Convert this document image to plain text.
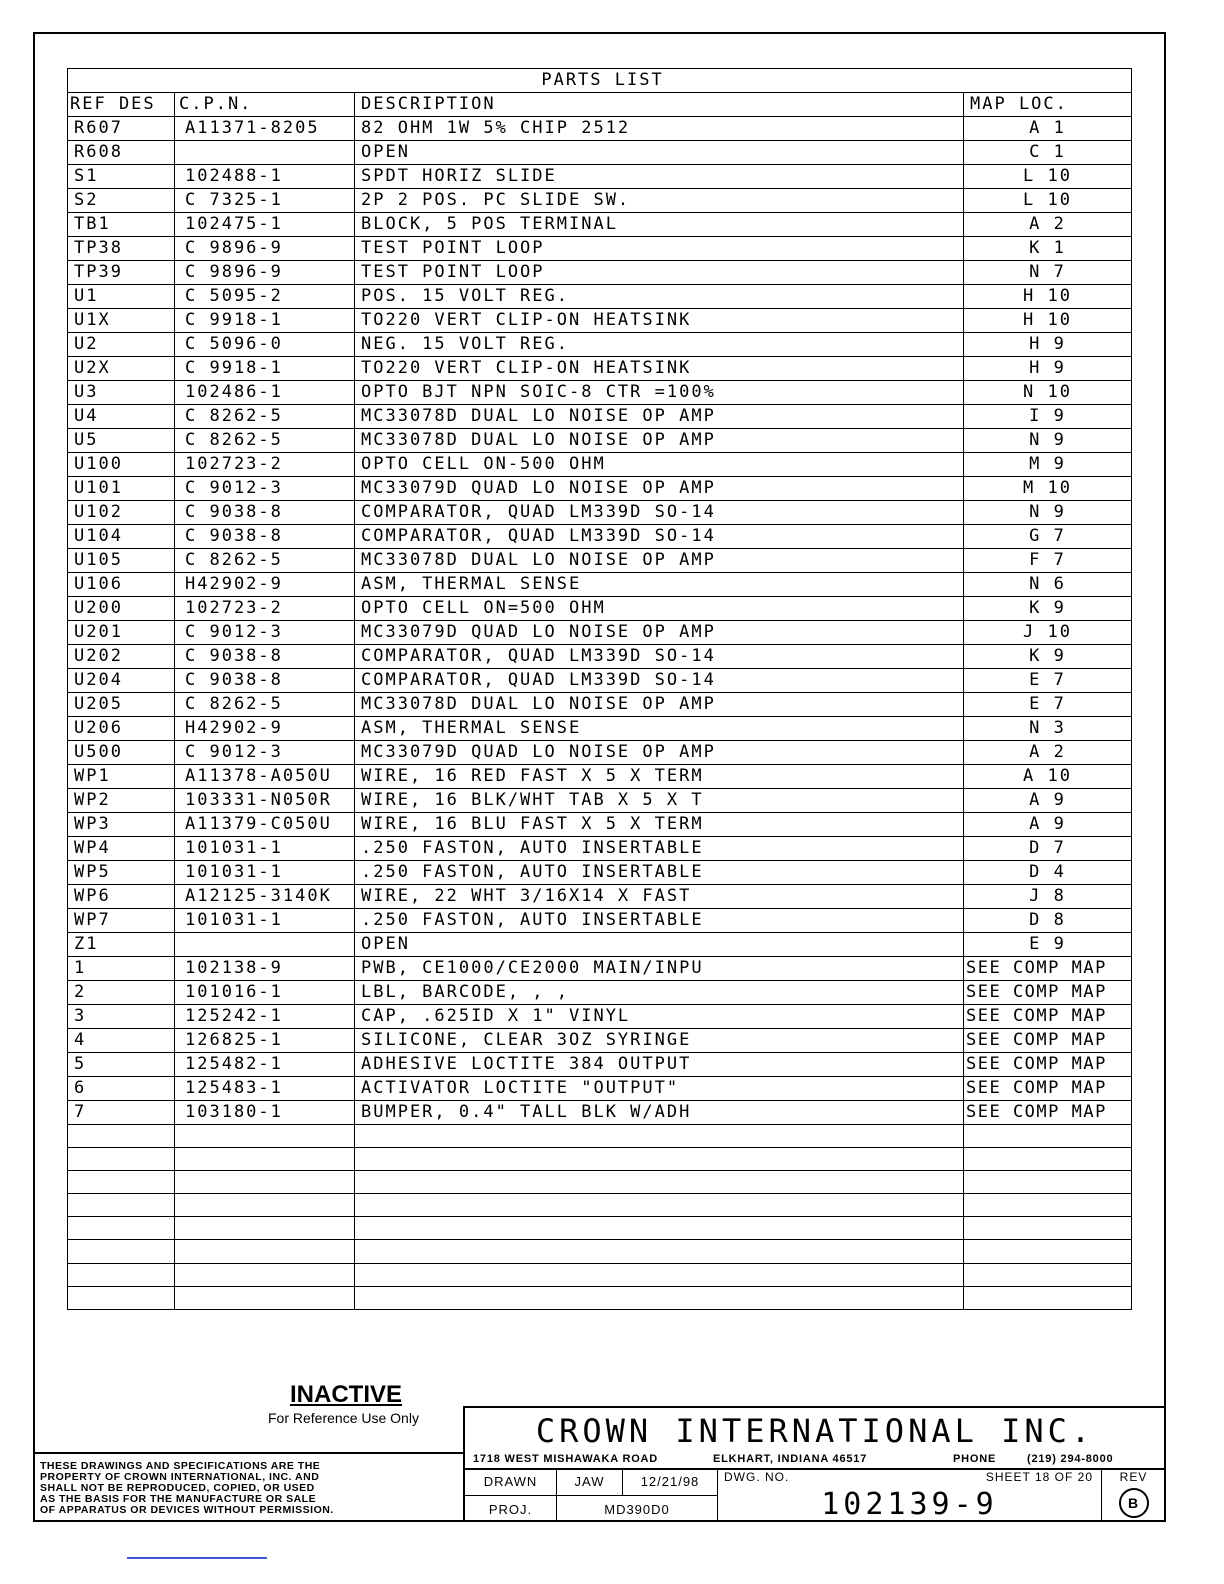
PARTS LIST			
REF DES	C.P.N.	DESCRIPTION	MAP LOC.
R607	A11371-8205	82 OHM 1W 5% CHIP 2512	A 1
R608		OPEN	C 1
S1	102488-1	SPDT HORIZ SLIDE	L 10
S2	C 7325-1	2P 2 POS. PC SLIDE SW.	L 10
TB1	102475-1	BLOCK, 5 POS TERMINAL	A 2
TP38	C 9896-9	TEST POINT LOOP	K 1
TP39	C 9896-9	TEST POINT LOOP	N 7
U1	C 5095-2	POS. 15 VOLT REG.	H 10
U1X	C 9918-1	TO220 VERT CLIP-ON HEATSINK	H 10
U2	C 5096-0	NEG. 15 VOLT REG.	H 9
U2X	C 9918-1	TO220 VERT CLIP-ON HEATSINK	H 9
U3	102486-1	OPTO BJT NPN SOIC-8 CTR =100%	N 10
U4	C 8262-5	MC33078D DUAL LO NOISE OP AMP	I 9
U5	C 8262-5	MC33078D DUAL LO NOISE OP AMP	N 9
U100	102723-2	OPTO CELL ON-500 OHM	M 9
U101	C 9012-3	MC33079D QUAD LO NOISE OP AMP	M 10
U102	C 9038-8	COMPARATOR, QUAD LM339D SO-14	N 9
U104	C 9038-8	COMPARATOR, QUAD LM339D SO-14	G 7
U105	C 8262-5	MC33078D DUAL LO NOISE OP AMP	F 7
U106	H42902-9	ASM, THERMAL SENSE	N 6
U200	102723-2	OPTO CELL ON=500 OHM	K 9
U201	C 9012-3	MC33079D QUAD LO NOISE OP AMP	J 10
U202	C 9038-8	COMPARATOR, QUAD LM339D SO-14	K 9
U204	C 9038-8	COMPARATOR, QUAD LM339D SO-14	E 7
U205	C 8262-5	MC33078D DUAL LO NOISE OP AMP	E 7
U206	H42902-9	ASM, THERMAL SENSE	N 3
U500	C 9012-3	MC33079D QUAD LO NOISE OP AMP	A 2
WP1	A11378-A050U	WIRE, 16 RED FAST X 5 X TERM	A 10
WP2	103331-N050R	WIRE, 16 BLK/WHT TAB X 5 X T	A 9
WP3	A11379-C050U	WIRE, 16 BLU FAST X 5 X TERM	A 9
WP4	101031-1	.250 FASTON, AUTO INSERTABLE	D 7
WP5	101031-1	.250 FASTON, AUTO INSERTABLE	D 4
WP6	A12125-3140K	WIRE, 22 WHT 3/16X14 X FAST	J 8
WP7	101031-1	.250 FASTON, AUTO INSERTABLE	D 8
Z1		OPEN	E 9
1	102138-9	PWB, CE1000/CE2000 MAIN/INPU	SEE COMP MAP
2	101016-1	LBL, BARCODE, , ,	SEE COMP MAP
3	125242-1	CAP, .625ID X 1" VINYL	SEE COMP MAP
4	126825-1	SILICONE, CLEAR 3OZ SYRINGE	SEE COMP MAP
5	125482-1	ADHESIVE LOCTITE 384 OUTPUT	SEE COMP MAP
6	125483-1	ACTIVATOR LOCTITE "OUTPUT"	SEE COMP MAP
7	103180-1	BUMPER, 0.4" TALL BLK W/ADH	SEE COMP MAP

INACTIVE
For Reference Use Only
THESE DRAWINGS AND SPECIFICATIONS ARE THE
PROPERTY OF CROWN INTERNATIONAL, INC. AND
SHALL NOT BE REPRODUCED, COPIED, OR USED
AS THE BASIS FOR THE MANUFACTURE OR SALE
OF APPARATUS OR DEVICES WITHOUT PERMISSION.
CROWN INTERNATIONAL INC.
1718 WEST MISHAWAKA ROAD	ELKHART, INDIANA 46517	PHONE	(219) 294-8000
DRAWN	JAW	12/21/98
PROJ.	MD390D0
DWG. NO.	SHEET 18 OF 20
102139-9
REV
B
